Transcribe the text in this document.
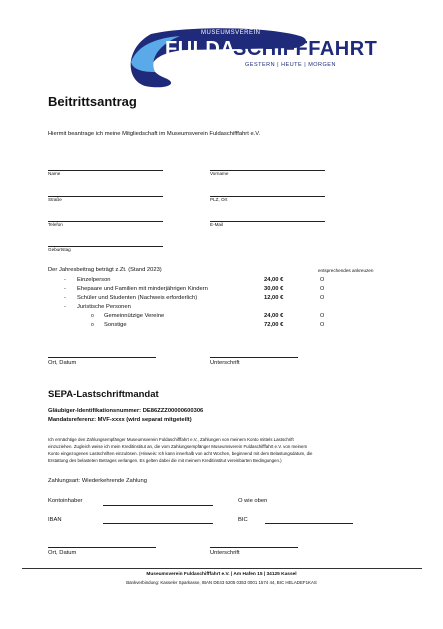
MUSEUMSVEREIN
FULDA
SCHIFFFAHRT
e.V.	GESTERN | HEUTE | MORGEN
Beitrittsantrag
Hiermit beantrage ich meine Mitgliedschaft im Museumsverein Fuldaschifffahrt e.V.
Name	Vorname
Straße	PLZ, Ort
Telefon	E-Mail
Geburtstag
Der Jahresbeitrag beträgt z.Zt. (Stand 2023)	entsprechendes ankreuzen
- Einzelperson	24,00 €	O
- Ehepaare und Familien mit minderjährigen Kindern	30,00 €	O
- Schüler und Studenten (Nachweis erforderlich)	12,00 €	O
- Juristische Personen
o Gemeinnützige Vereine	24,00 €	O
o Sonstige	72,00 €	O
Ort, Datum	Unterschrift
SEPA-Lastschriftmandat
Gläubiger-Identifikationsnummer: DE86ZZZ00000600306
Mandatsreferenz: MVF-xxxx (wird separat mitgeteilt)
Ich ermächtige den Zahlungsempfänger Museumsverein Fuldaschifffahrt e.V., Zahlungen von meinem Konto mittels Lastschrift
einzuziehen. Zugleich weise ich mein Kreditinstitut an, die vom Zahlungsempfänger Museumsverein Fuldaschifffahrt e.V. von meinem
Konto eingezogenen Lastschriften einzulösen. (Hinweis: Ich kann innerhalb von acht Wochen, beginnend mit dem Belastungsdatum, die
Erstattung des belasteten Betrages verlangen. Es gelten dabei die mit meinem Kreditinstitut vereinbarten Bedingungen.)
Zahlungsart: Wiederkehrende Zahlung
Kontoinhaber	O wie oben
IBAN	BIC
Ort, Datum	Unterschrift
Museumsverein Fuldaschifffahrt e.V. | Am Hafen 15 | 34125 Kassel
Bankverbindung: Kasseler Sparkasse, IBAN DE43 5205 0353 0001 1574 44, BIC HELADEF1KAS
